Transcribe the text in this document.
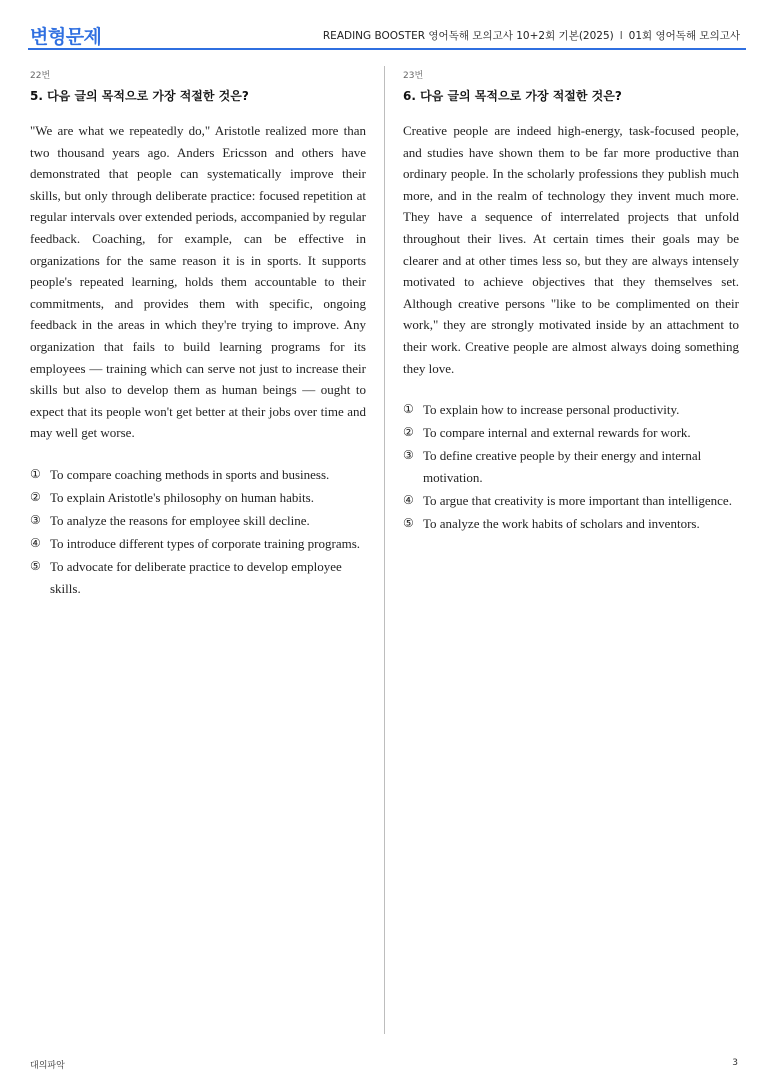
변형문제	READING BOOSTER 영어독해 모의고사 10+2회 기본(2025) l 01회 영어독해 모의고사
22번
5. 다음 글의 목적으로 가장 적절한 것은?

"We are what we repeatedly do," Aristotle realized more than two thousand years ago. Anders Ericsson and others have demonstrated that people can systematically improve their skills, but only through deliberate practice: focused repetition at regular intervals over extended periods, accompanied by regular feedback. Coaching, for example, can be effective in organizations for the same reason it is in sports. It supports people's repeated learning, holds them accountable to their commitments, and provides them with specific, ongoing feedback in the areas in which they're trying to improve. Any organization that fails to build learning programs for its employees — training which can serve not just to increase their skills but also to develop them as human beings — ought to expect that its people won't get better at their jobs over time and may well get worse.

① To compare coaching methods in sports and business.
② To explain Aristotle's philosophy on human habits.
③ To analyze the reasons for employee skill decline.
④ To introduce different types of corporate training programs.
⑤ To advocate for deliberate practice to develop employee skills.
23번
6. 다음 글의 목적으로 가장 적절한 것은?

Creative people are indeed high-energy, task-focused people, and studies have shown them to be far more productive than ordinary people. In the scholarly professions they publish much more, and in the realm of technology they invent much more. They have a sequence of interrelated projects that unfold throughout their lives. At certain times their goals may be clearer and at other times less so, but they are always intensely motivated to achieve objectives that they themselves set. Although creative persons "like to be complimented on their work," they are strongly motivated inside by an attachment to their work. Creative people are almost always doing something they love.

① To explain how to increase personal productivity.
② To compare internal and external rewards for work.
③ To define creative people by their energy and internal motivation.
④ To argue that creativity is more important than intelligence.
⑤ To analyze the work habits of scholars and inventors.
대의파악	3
